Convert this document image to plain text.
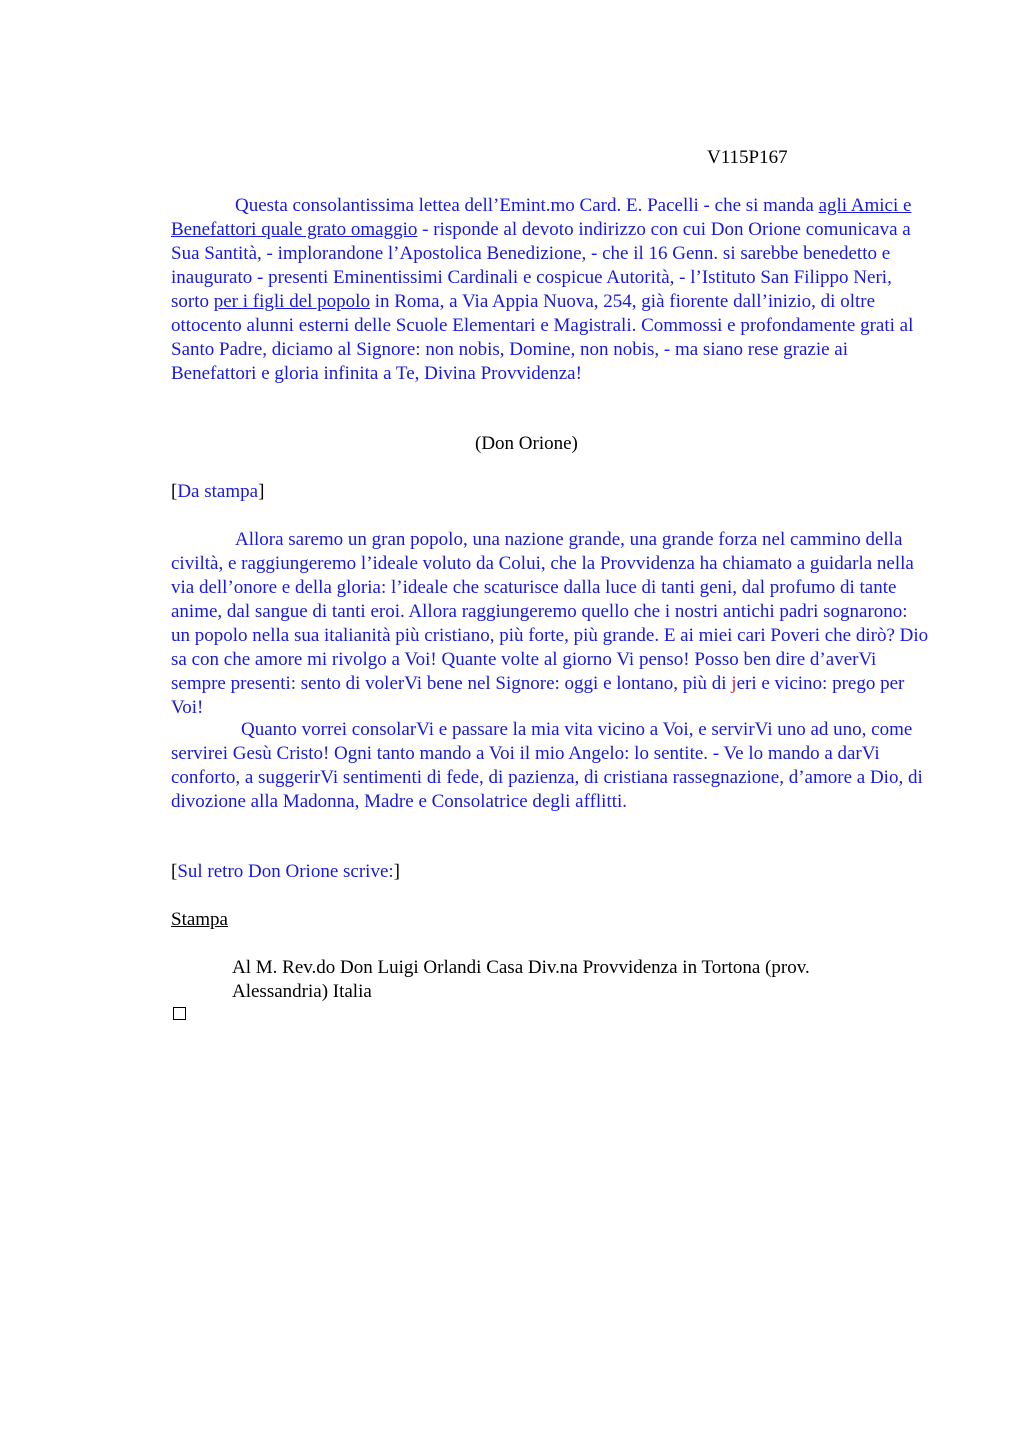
V115P167

Questa consolantissima lettea dell’Emint.mo Card. E. Pacelli - che si manda agli Amici e Benefattori quale grato omaggio - risponde al devoto indirizzo con cui Don Orione comunicava a Sua Santità, - implorandone l’Apostolica Benedizione, - che il 16 Genn. si sarebbe benedetto e inaugurato - presenti Eminentissimi Cardinali e cospicue Autorità, - l’Istituto San Filippo Neri, sorto per i figli del popolo in Roma, a Via Appia Nuova, 254, già fiorente dall’inizio, di oltre ottocento alunni esterni delle Scuole Elementari e Magistrali. Commossi e profondamente grati al Santo Padre, diciamo al Signore: non nobis, Domine, non nobis, - ma siano rese grazie ai Benefattori e gloria infinita a Te, Divina Provvidenza!

(Don Orione)
[Da stampa]

Allora saremo un gran popolo, una nazione grande, una grande forza nel cammino della civiltà, e raggiungeremo l’ideale voluto da Colui, che la Provvidenza ha chiamato a guidarla nella via dell’onore e della gloria: l’ideale che scaturisce dalla luce di tanti geni, dal profumo di tante anime, dal sangue di tanti eroi. Allora raggiungeremo quello che i nostri antichi padri sognarono: un popolo nella sua italianità più cristiano, più forte, più grande. E ai miei cari Poveri che dirò? Dio sa con che amore mi rivolgo a Voi! Quante volte al giorno Vi penso! Posso ben dire d’averVi sempre presenti: sento di volerVi bene nel Signore: oggi e lontano, più di jeri e vicino: prego per Voi!

Quanto vorrei consolarVi e passare la mia vita vicino a Voi, e servirVi uno ad uno, come servirei Gesù Cristo! Ogni tanto mando a Voi il mio Angelo: lo sentite. - Ve lo mando a darVi conforto, a suggerirVi sentimenti di fede, di pazienza, di cristiana rassegnazione, d’amore a Dio, di divozione alla Madonna, Madre e Consolatrice degli afflitti.

[Sul retro Don Orione scrive:]
Stampa
Al M. Rev.do Don Luigi Orlandi Casa Div.na Provvidenza in Tortona (prov. Alessandria) Italia
